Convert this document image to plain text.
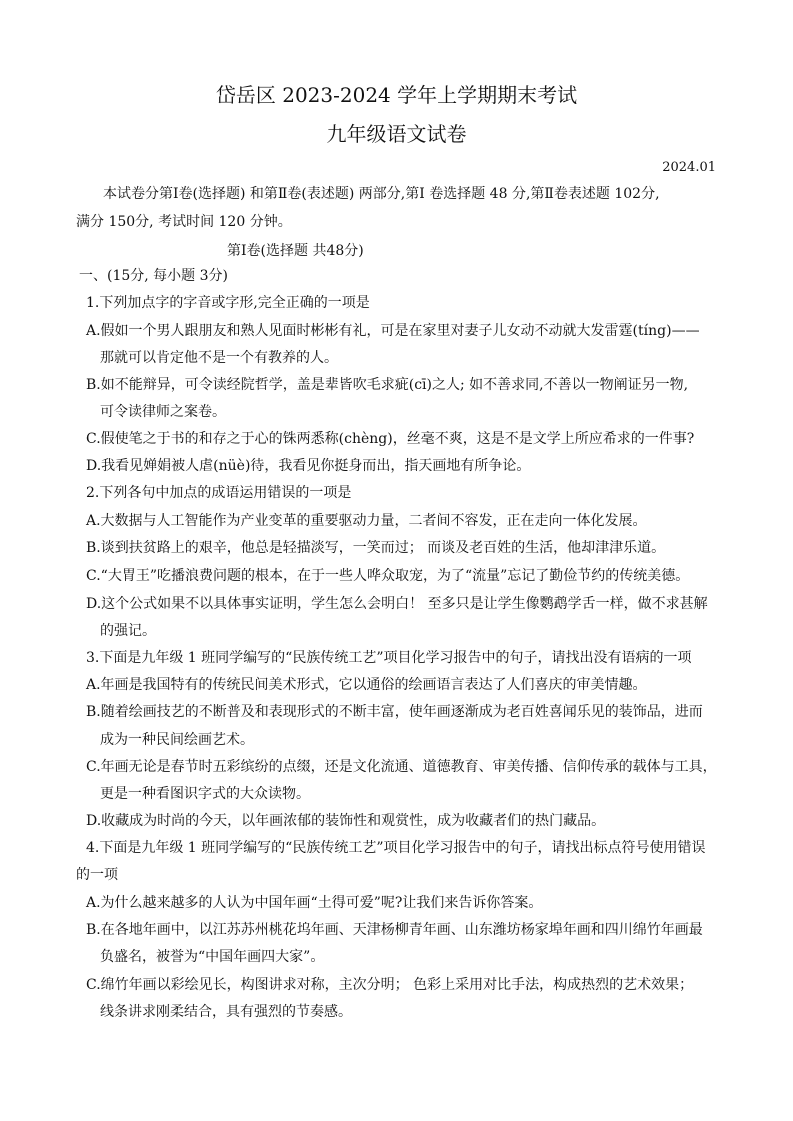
岱岳区 2023-2024 学年上学期期末考试
九年级语文试卷
2024.01
本试卷分第Ⅰ卷(选择题) 和第Ⅱ卷(表述题) 两部分,第Ⅰ 卷选择题 48 分,第Ⅱ卷表述题 102分,
满分 150分, 考试时间 120 分钟。
第Ⅰ卷(选择题 共48分)
一、(15分, 每小题 3分)
1.下列加点字的字音或字形,完全正确的一项是
A.假如一个男人跟朋友和熟人见面时彬彬有礼，可是在家里对妻子儿女动不动就大发雷霆(tíng)——
那就可以肯定他不是一个有教养的人。
B.如不能辩异，可令读经院哲学，盖是辈皆吹毛求疵(cī)之人; 如不善求同,不善以一物阐证另一物,
可令读律师之案卷。
C.假使笔之于书的和存之于心的铢两悉称(chèng)，丝毫不爽，这是不是文学上所应希求的一件事?
D.我看见婵娟被人虐(nüè)待，我看见你挺身而出，指天画地有所争论。
2.下列各句中加点的成语运用错误的一项是
A.大数据与人工智能作为产业变革的重要驱动力量，二者间不容发，正在走向一体化发展。
B.谈到扶贫路上的艰辛，他总是轻描淡写，一笑而过； 而谈及老百姓的生活，他却津津乐道。
C.“大胃王”吃播浪费问题的根本，在于一些人哗众取宠，为了“流量”忘记了勤俭节约的传统美德。
D.这个公式如果不以具体事实证明，学生怎么会明白！ 至多只是让学生像鹦鹉学舌一样，做不求甚解
的强记。
3.下面是九年级 1 班同学编写的“民族传统工艺”项目化学习报告中的句子，请找出没有语病的一项
A.年画是我国特有的传统民间美术形式，它以通俗的绘画语言表达了人们喜庆的审美情趣。
B.随着绘画技艺的不断普及和表现形式的不断丰富，使年画逐渐成为老百姓喜闻乐见的装饰品，进而
成为一种民间绘画艺术。
C.年画无论是春节时五彩缤纷的点缀，还是文化流通、道德教育、审美传播、信仰传承的载体与工具，
更是一种看图识字式的大众读物。
D.收藏成为时尚的今天，以年画浓郁的装饰性和观赏性，成为收藏者们的热门藏品。
4.下面是九年级 1 班同学编写的“民族传统工艺”项目化学习报告中的句子，请找出标点符号使用错误
的一项
A.为什么越来越多的人认为中国年画“土得可爱”呢?让我们来告诉你答案。
B.在各地年画中，以江苏苏州桃花坞年画、天津杨柳青年画、山东潍坊杨家埠年画和四川绵竹年画最
负盛名，被誉为“中国年画四大家”。
C.绵竹年画以彩绘见长，构图讲求对称，主次分明； 色彩上采用对比手法，构成热烈的艺术效果；
线条讲求刚柔结合，具有强烈的节奏感。
